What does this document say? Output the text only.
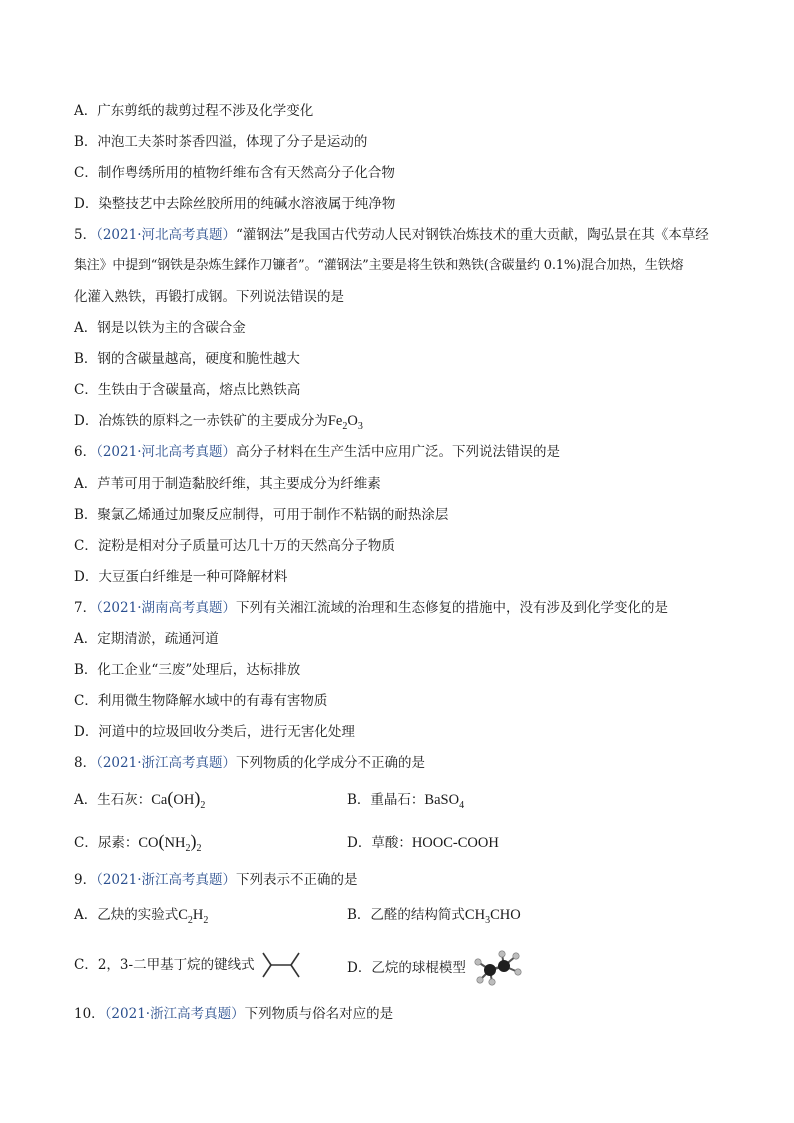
A．广东剪纸的裁剪过程不涉及化学变化
B．冲泡工夫茶时茶香四溢，体现了分子是运动的
C．制作粤绣所用的植物纤维布含有天然高分子化合物
D．染整技艺中去除丝胶所用的纯碱水溶液属于纯净物
5．（2021·河北高考真题）“灌钢法”是我国古代劳动人民对钢铁冶炼技术的重大贡献，陶弘景在其《本草经
集注》中提到“钢铁是杂炼生鍒作刀镰者”。“灌钢法”主要是将生铁和熟铁(含碳量约 0.1%)混合加热，生铁熔
化灌入熟铁，再锻打成钢。下列说法错误的是
A．钢是以铁为主的含碳合金
B．钢的含碳量越高，硬度和脆性越大
C．生铁由于含碳量高，熔点比熟铁高
D．冶炼铁的原料之一赤铁矿的主要成分为$Fe_2O_3$
6．（2021·河北高考真题）高分子材料在生产生活中应用广泛。下列说法错误的是
A．芦苇可用于制造黏胶纤维，其主要成分为纤维素
B．聚氯乙烯通过加聚反应制得，可用于制作不粘锅的耐热涂层
C．淀粉是相对分子质量可达几十万的天然高分子物质
D．大豆蛋白纤维是一种可降解材料
7．（2021·湖南高考真题）下列有关湘江流域的治理和生态修复的措施中，没有涉及到化学变化的是
A．定期清淤，疏通河道
B．化工企业“三废”处理后，达标排放
C．利用微生物降解水域中的有毒有害物质
D．河道中的垃圾回收分类后，进行无害化处理
8．（2021·浙江高考真题）下列物质的化学成分不正确的是
A．生石灰：$Ca(OH)_2$	B．重晶石：BaSO$_4$
C．尿素：$CO(NH_2)_2$	D．草酸：HOOC-COOH
9．（2021·浙江高考真题）下列表示不正确的是
A．乙炔的实验式$C_2H_2$	B．乙醛的结构简式$CH_3CHO$
C．2，3-二甲基丁烷的键线式	D．乙烷的球棍模型
10．（2021·浙江高考真题）下列物质与俗名对应的是
